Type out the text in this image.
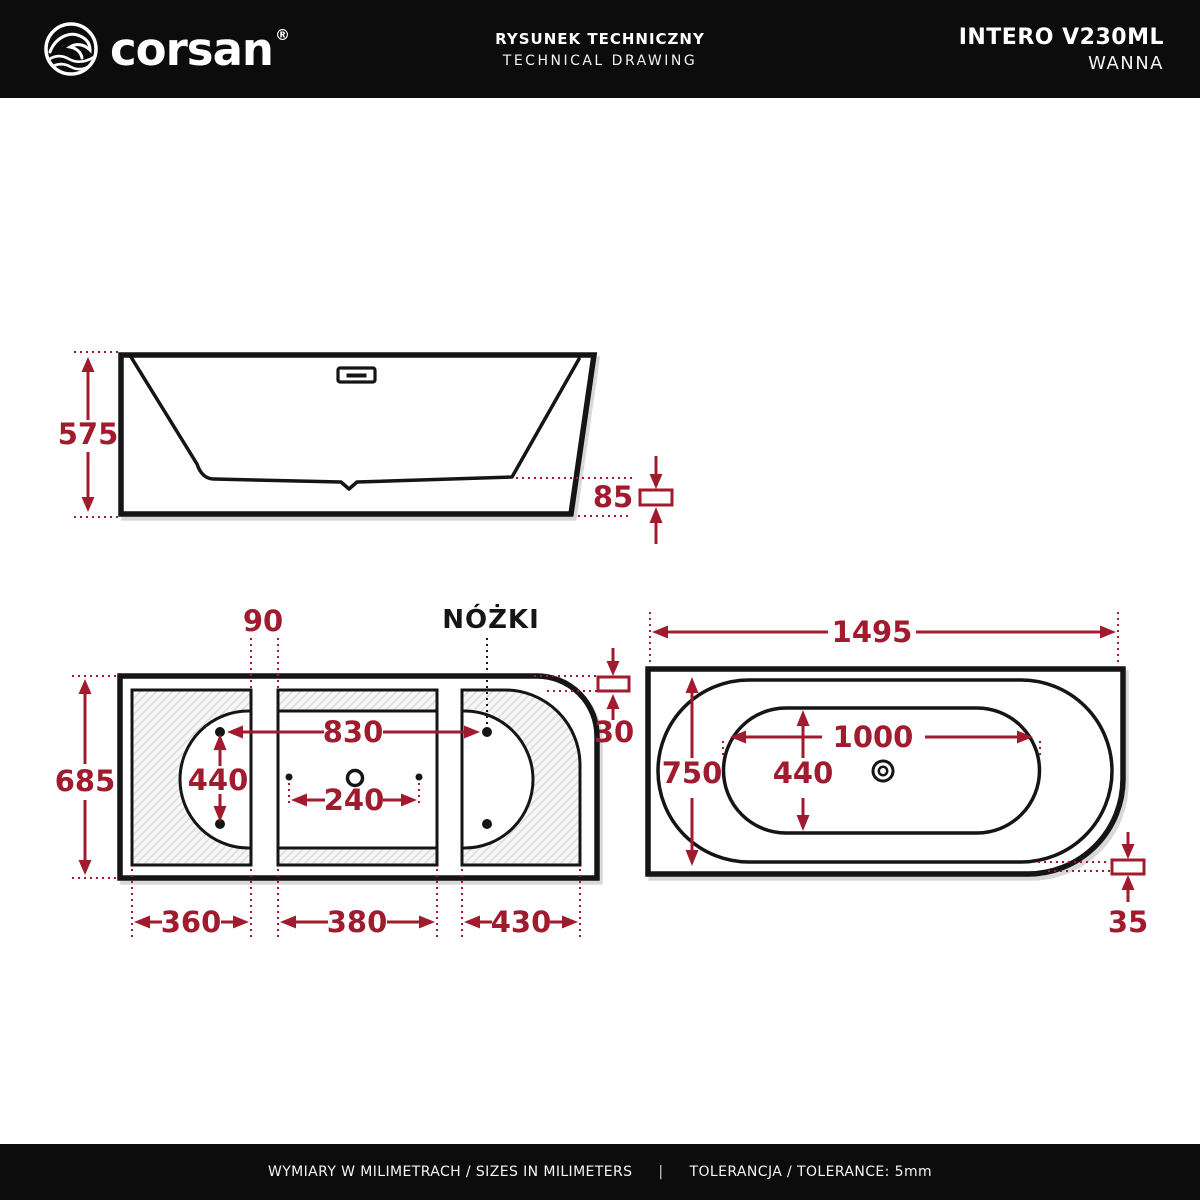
corsan ®	RYSUNEK TECHNICZNY
TECHNICAL DRAWING
INTERO V230ML
WANNA
575
85
685
90	NÓŻKI
830
440
240
30
360	380	430
1495
750
1000
440
35
WYMIARY W MILIMETRACH / SIZES IN MILIMETERS | TOLERANCJA / TOLERANCE: 5mm
